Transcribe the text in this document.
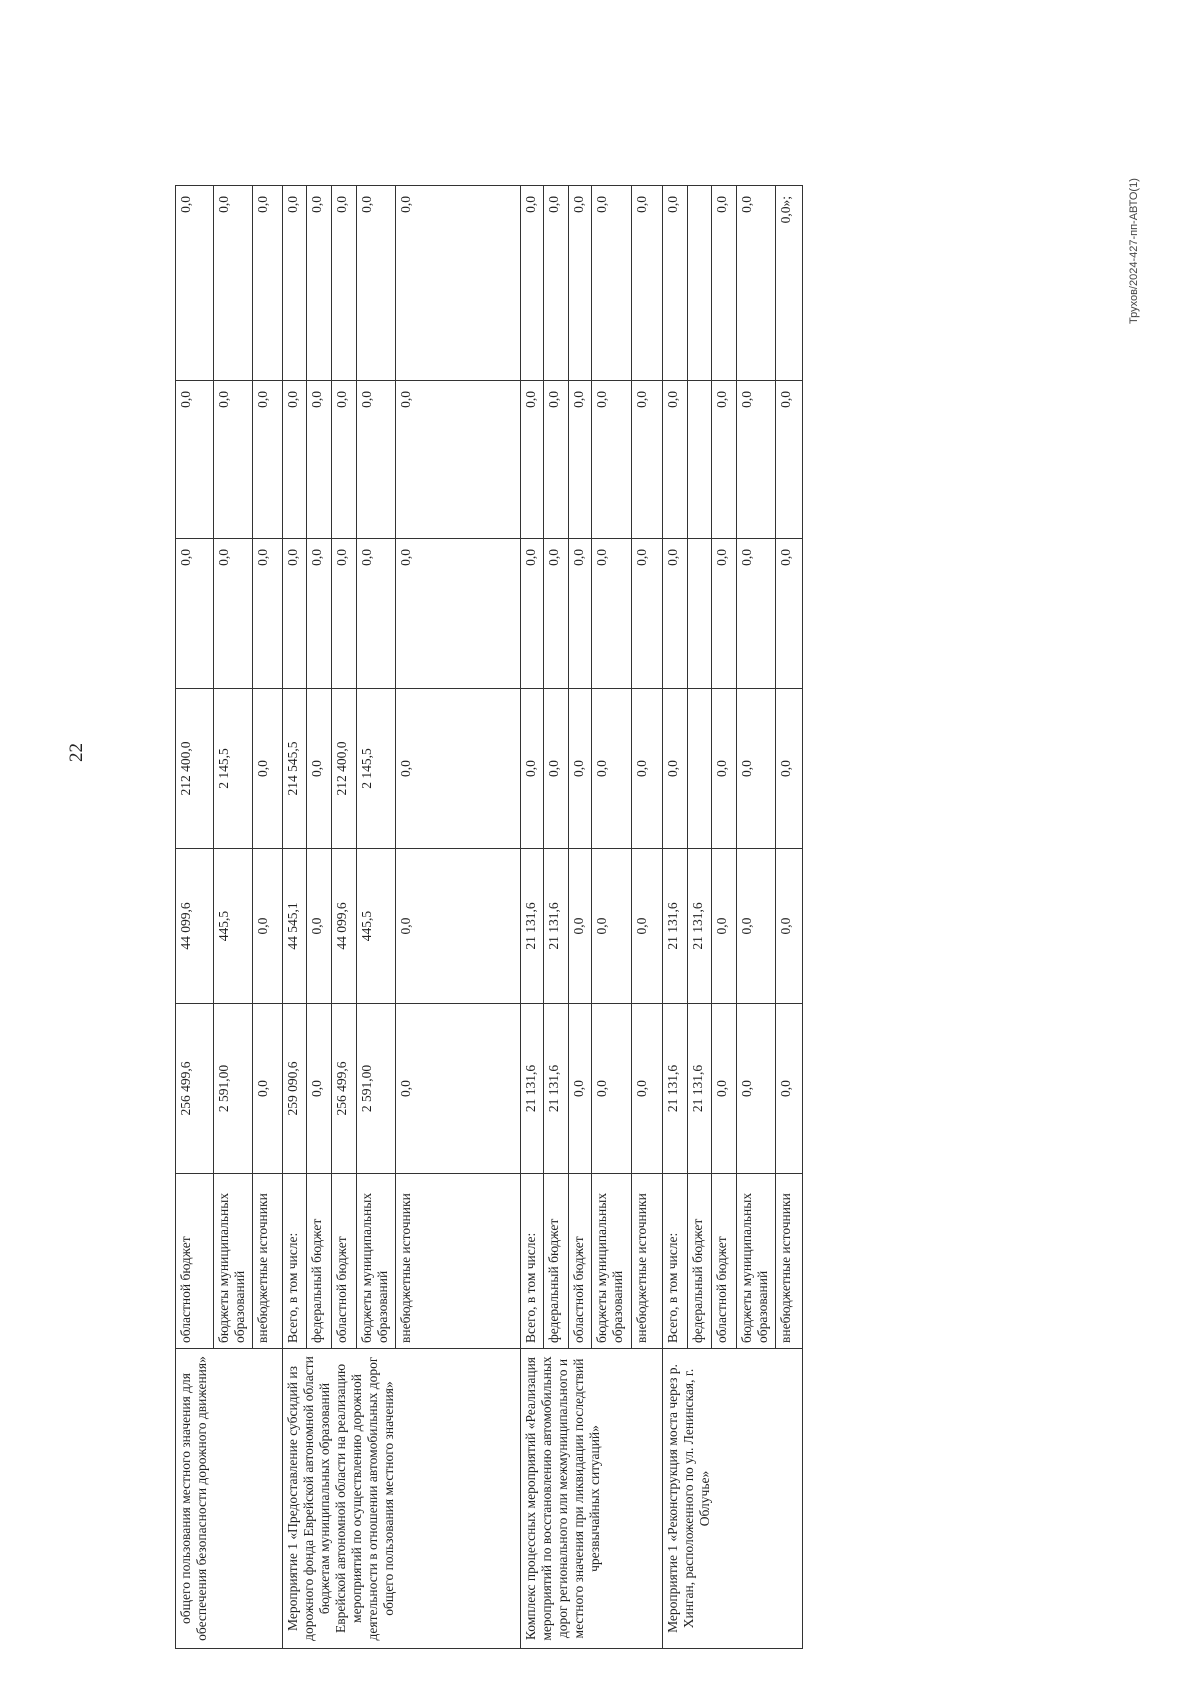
22
общего пользования местного значения для обеспечения безопасности дорожного движения»	областной бюджет	256 499,6	44 099,6	212 400,0	0,0	0,0	0,0
	бюджеты муниципальных образований	2 591,00	445,5	2 145,5	0,0	0,0	0,0
	внебюджетные источники	0,0	0,0	0,0	0,0	0,0	0,0
Мероприятие 1 «Предоставление субсидий из дорожного фонда Еврейской автономной области бюджетам муниципальных образований Еврейской автономной области на реализацию мероприятий по осуществлению дорожной деятельности в отношении автомобильных дорог общего пользования местного значения»	Всего, в том числе:	259 090,6	44 545,1	214 545,5	0,0	0,0	0,0
	федеральный бюджет	0,0	0,0	0,0	0,0	0,0	0,0
	областной бюджет	256 499,6	44 099,6	212 400,0	0,0	0,0	0,0
	бюджеты муниципальных образований	2 591,00	445,5	2 145,5	0,0	0,0	0,0
	внебюджетные источники	0,0	0,0	0,0	0,0	0,0	0,0
Комплекс процессных мероприятий «Реализация мероприятий по восстановлению автомобильных дорог регионального или межмуниципального и местного значения при ликвидации последствий чрезвычайных ситуаций»	Всего, в том числе:	21 131,6	21 131,6	0,0	0,0	0,0	0,0
	федеральный бюджет	21 131,6	21 131,6	0,0	0,0	0,0	0,0
	областной бюджет	0,0	0,0	0,0	0,0	0,0	0,0
	бюджеты муниципальных образований	0,0	0,0	0,0	0,0	0,0	0,0
	внебюджетные источники	0,0	0,0	0,0	0,0	0,0	0,0
Мероприятие 1 «Реконструкция моста через р. Хинган, расположенного по ул. Ленинская, г. Облучье»	Всего, в том числе:	21 131,6	21 131,6	0,0	0,0	0,0	0,0
	федеральный бюджет	21 131,6	21 131,6				
	областной бюджет	0,0	0,0	0,0	0,0	0,0	0,0
	бюджеты муниципальных образований	0,0	0,0	0,0	0,0	0,0	0,0
	внебюджетные источники	0,0	0,0	0,0	0,0	0,0	0,0»;	Трухов/2024-427-пп-АВТО(1)
